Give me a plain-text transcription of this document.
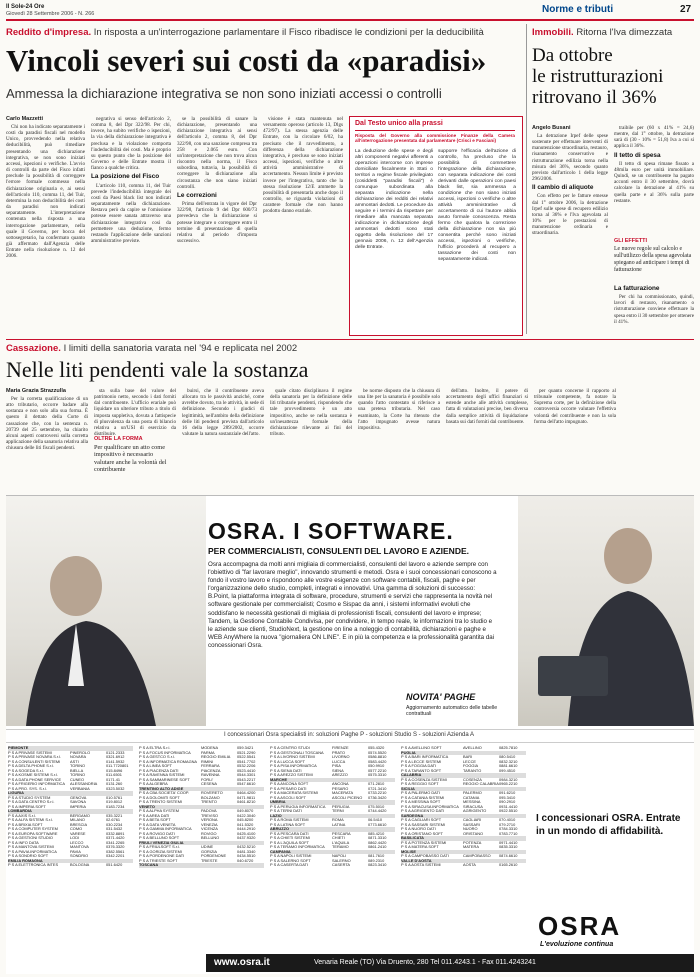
Il Sole-24 Ore
Giovedì 28 Settembre 2006 - N. 266	Norme e tributi	27
Reddito d'impresa. In risposta a un'interrogazione parlamentare il Fisco ribadisce le condizioni per la deducibilità
Vincoli severi sui costi da «paradisi»
Ammessa la dichiarazione integrativa se non sono iniziati accessi o controlli
Carlo Mazzetti

Chi non ha indicato separatamente i costi da paradisi fiscali nel modello Unico, provvedendo nella relativa deducibilità, può rimediare presentando una dichiarazione integrativa, se non sono iniziati accessi, ispezioni o verifiche. L'avvio di controlli da parte del Fisco infatti preclude la possibilità di correggere l'errore formale commesso nella dichiarazione originaria e, ai sensi dell'articolo 110, comma 11, del Tuir, determina la non deducibilità dei costi da paradisi non indicati separatamente. L'interpretazione contenuta nella risposta a una interrogazione parlamentare, nella quale il Governo, per bocca del sottosegretario, ha confermato quanto già affermato dall'Agenzia delle Entrate nella risoluzione n. 12 del 2006.

negrativa si senso dell'articolo 2, comma 8, del Dpr 322/98. Per chi, invece, ha subito verifiche o ispezioni, la via della dichiarazione integrativa è preclusa e la violazione comporta l'indeducibilità dei costi. Ma è proprio su questo punto che la posizione del Governo e delle Entrate mostra il fianco a qualche critica.

La posizione del Fisco

L'articolo 110, comma 11, del Tuir prevede l'indeducibilità integrale dei costi da Paesi black list non indicati separatamente nella dichiarazione. Restava però da capire se l'omissione potesse essere sanata attraverso una dichiarazione integrativa così da permettere una deduzione, fermo restando l'applicazione delle sanzioni amministrative previste.

se la possibilità di sanare la dichiarazione, presentando una dichiarazione integrativa ai sensi dell'articolo 2, comma 8, del Dpr 322/98, con una sanzione compresa tra 258 e 2.065 euro. Con un'interpretazione che non trova alcun riscontro nella norma, il Fisco subordina, tuttavia, la possibilità di correggere la dichiarazione alla circostanza che non siano iniziati controlli.

Le correzioni

Prima dell'entrata in vigore del Dpr 322/98, l'articolo 9 del Dpr 600/73 prevedeva che la dichiarazione si potesse integrare o correggere entro il termine di presentazione di quella relativa al periodo d'imposta successivo.

visione è stata mantenuta nel versamento operoso (articolo 13, Dlgs 472/97). La stessa agenzia delle Entrate, con la circolare 6/02, ha precisato che il ravvedimento, a differenza della dichiarazione integrativa, è precluso se sono iniziati accessi, ispezioni, verifiche o altre attività amministrative di accertamento. Nessun limite è previsto invece per l'integrativa, tanto che la stessa risoluzione 12/E ammette la possibilità di presentarla anche dopo il controllo, se riguarda violazioni di carattere formale che non hanno prodotto danno erariale.

Dal Testo unico alla prassi
Risposta del Governo alla commissione Finanze della Camera all'interrogazione presentata dal parlamentare (Criscì e Fasciani)
La deduzione delle spese e degli altri componenti negativi afferenti a operazioni intercorse con imprese domiciliate fiscalmente in Stati o territori a regime fiscale privilegiato (cosiddetti "paradisi fiscali") è comunque subordinata alla separata indicazione nella dichiarazione dei redditi dei relativi ammontari dedotti. Le procedure da seguire e i termini da rispettare per rimediare alla mancata separata indicazione in dichiarazione degli ammontari dedotti sono stati oggetto della risoluzione del 17 gennaio 2006, n. 12 dell'Agenzia delle Entrate.
supporre l'efficacia dell'azione di controllo, ha precluso che la possibilità di commettere l'integrazione della dichiarazione, con separata indicazione dei costi derivanti dalle operazioni con paesi black list, sia ammessa a condizione che non siano iniziati accessi, ispezioni o verifiche o altre attività amministrative di accertamento di cui l'autore abbia avuto formale conoscenza. Resta fermo che qualora la correzione della dichiarazione non sia più consentita perché sono iniziati accessi, ispezioni o verifiche, l'ufficio procederà al recupero a tassazione dei costi non separatamente indicati.
Immobili. Ritorna l'Iva dimezzata
Da ottobre
le ristrutturazioni
ritrovano il 36%
Angelo Busani

La detrazione Irpef delle spese sostenute per effettuare interventi di manutenzione straordinaria, restauro, risanamento conservativo e ristrutturazione edilizia torna nella misura del 36%, secondo quanto previsto dall'articolo 1 della legge 296/2006.

Il cambio di aliquote

Con effetto per le fatture emesse dal 1° ottobre 2006, la detrazione Irpef sulle spese di recupero edilizio torna al 36% e l'Iva agevolata al 10% per le prestazioni di manutenzione ordinaria e straordinaria.

traibile per (60 x 41% = 24,6) mentre, dal 1° ottobre, la detrazione sarà di (30 - 10% = 51,8) Iva a cui si applica il 36%.

Il tetto di spesa

Il tetto di spesa rimane fissato a 48mila euro per unità immobiliare. Quindi, se un contribuente ha pagato acconti entro il 30 settembre, dovrà calcolare la detrazione al 41% su quella parte e al 36% sulla parte restante.

GLI EFFETTI
Le nuove regole sul calcolo e sull'utilizzo della spesa agevolata spiegano ad anticipare i tempi di fatturazione
La fatturazione

Per chi ha commissionato, quindi, lavori di restauro, risanamento o ristrutturazione conviene effettuare la spesa entro il 30 settembre per ottenere il 41%.

Cassazione. I limiti della sanatoria varata nel '94 e replicata nel 2002
Nelle liti pendenti vale la sostanza
Maria Grazia Strazzulla

Per la corretta qualificazione di un atto tributario, occorre badare alla sostanza e non solo alla sua forma. È questo il dettato della Corte di cassazione che, con la sentenza n. 20739 del 25 settembre, ha chiarito alcuni aspetti controversi sulla corretta applicazione della sanatoria relativa alla chiusura delle liti fiscali pendenti.

sta sulla base del valore del patrimonio netto, secondo i dati forniti dal contribuente. L'ufficio erariale può liquidare un ulteriore tributo a titolo di imposta suppletiva, dovuta a fattispecie di plusvalenza da una posta di bilancio relativa a un'USI di esercizio da distribuire.

OLTRE LA FORMA
Per qualificare un atto come impositivo è necessario valutare anche la volontà del contribuente

buirsi, che il contribuente aveva allocato tra le passività anziché, come avrebbe dovuto, tra le attività, in sede di definizione. Secondo i giudici di legittimità, nell'ambito della definizione delle liti pendenti prevista dall'articolo 16 della legge 289/2002, occorre valutare la natura sostanziale dell'atto.

quale citato disciplinava il regime della sanatoria per la definizione delle liti tributarie pendenti, rispondendo che tale provvedimento è un atto impositivo, anche se nella sostanza è un'inesattezza formale della dichiarazione rilevante ai fini del tributo.

be norme disposto che la chiusura di una lite per la sanatoria è possibile solo quando l'atto contestato si riferisce a una pretesa tributaria. Nel caso esaminato, la Corte ha ritenuto che l'atto impugnato avesse natura impositiva.

dell'atto. Inoltre, il potere di accertamento degli uffici finanziari si estende anche alle attività complesse, fatta di valutazioni precise, ben diversa dalla semplice attività di liquidazione basata sui dati forniti dal contribuente.

per quanto concerne il rapporto al tribunale competente, fa notare la Suprema corte, per la definizione della controversia occorre valutare l'effettiva volontà del contribuente e non la sola forma dell'atto impugnato.

OSRA. I SOFTWARE.
PER COMMERCIALISTI, CONSULENTI DEL LAVORO E AZIENDE.
Osra accompagna da molti anni migliaia di commercialisti, consulenti del lavoro e aziende sempre con l'obiettivo di "far lavorare meglio", innovando strumenti e metodi. Osra e i suoi concessionari conoscono a fondo il vostro lavoro e rispondono alle vostre esigenze con software contabili, fiscali, paghe e per l'organizzazione dello studio, completi, integrati e innovativi. Una gamma di soluzioni di successo: B.Point, la piattaforma integrata di software, procedure, strumenti e servizi che rappresenta la novità nel software gestionale per commercialisti; Cosmo e Sispac da anni, i sistemi informativi evoluti che soddisfano le necessità gestionali di migliaia di professionisti fiscali, consulenti del lavoro e imprese; Tandem, la Gestione Contabile Condivisa, per condividere, in tempo reale, le informazioni tra lo studio e le aziende sue clienti, StudioNext, la gestione on line a noleggio di contabilità, dichiarazioni e paghe e WEB AnyWhere la nuova "giornaliera ON LINE". E in più la competenza e la professionalità garantita dai concessionari Osra.
NOVITA' PAGHE
Aggiornamento automatico delle tabelle contrattuali
I concessionari Osra specialisti in: soluzioni Paghe P - soluzioni Studio S - soluzioni Azienda A
PIEMONTE
P S A PRIVASE SISTEMI	PINEROLO	0121.2333
P S A PRIVASE NOVARA S.r.l.	NOVARA	0321.6912
P S A CONSULENTI SISTEMI	ASTI	0141.5932
P S A DELTA PHONE S.r.l.	TORINO	011.7720801
P S A SOGEDA S.r.l.	BIELLA	015.8496
P S A KOSME SISTEMI S.r.l.	TORINO	011.6501
P S A DATA PHONE SERVICE	CUNEO	0171.41
P S A FRIGERIO INFORMATICA	ALESSANDRIA	0131.260
P S A PRO. SYS. S.r.l.	VERBANIA	0323.5032
LIGURIA
P S A STUDIO SYSTEM	GENOVA	010.5761
P S A DATA CENTRO S.r.l.	SAVONA	019.8012
P S A IMPERIA SOFT	IMPERIA	0183.7234
LOMBARDIA
P S A AXIS S.r.l.	BERGAMO	035.3221
P S A ALFA SISTEMI S.r.l.	MILANO	02.6761
P S A BRIXIA SOFT	BRESCIA	030.2234
P S A COMPUTER SYSTEM	COMO	031.5432
P S A EUROPA SOFTWARE	VARESE	0332.8891
P S A GESTIONI STUDIO	LODI	0371.4420
P S A INFO DATA	LECCO	0341.2265
P S A MANTOVA SISTEMI	MANTOVA	0376.3320
P S A PAVIA INFORMATICA	PAVIA	0382.5561
P S A SONDRIO SOFT	SONDRIO	0342.2201
EMILIA ROMAGNA
P S A ELETTRONICA INTES	BOLOGNA	051.6420
P S A ELTRA S.r.l.	MODENA	059.3421
P S A FOCUS INFORMATICA	PARMA	0521.2290
P S A GESTCO S.r.l.	REGGIO EMILIA	0522.5541
P S A INFORMATICA ROMAGNA	RIMINI	0541.7702
P S A LINEA SOFT	FERRARA	0532.2206
P S A PIACENZA DATI	PIACENZA	0523.4410
P S A RAVENNA SISTEMI	RAVENNA	0544.3301
P S A SAMMARINESE SOFT	FORLI'	0543.2217
P S A ALGEBRA	CESENA	0547.6610
TRENTINO ALTO ADIGE
P S A CBA SOCIETA' COOP.	ROVERETO	0464.4200
P S A DOLOMITI SOFT	BOLZANO	0471.9811
P S A TRENTO SISTEMI	TRENTO	0461.8210
VENETO
P S A ALPHA SYSTEM	PADOVA	049.8070
P S A AREA DATI	TREVISO	0422.3040
P S A BETA SOFT	VERONA	045.8200
P S A DATA VENETA	VENEZIA	041.5320
P S A GAMMA INFORMATICA	VICENZA	0444.2910
P S A ROVIGO DATI	ROVIGO	0425.4100
P S A BELLUNO SOFT	BELLUNO	0437.9320
FRIULI VENEZIA GIULIA
P S A FRIULSOFT S.r.l.	UDINE	0432.5210
P S A GORIZIA SISTEMI	GORIZIA	0481.3340
P S A PORDENONE DATI	PORDENONE	0434.5510
P S A TRIESTE SOFT	TRIESTE	040.6720
TOSCANA
P S A CENTRO STUDI	FIRENZE	055.4320
P S A GESTIONALI TOSCANA	PRATO	0574.5520
P S A LIVORNO SISTEMI	LIVORNO	0586.8810
P S A LUCCA SOFT	LUCCA	0583.4420
P S A PISA INFORMATICA	PISA	050.9910
P S A SIENA DATI	SIENA	0577.2210
P S A AREZZO SISTEMI	AREZZO	0575.3310
MARCHE
P S A ANCONA SOFT	ANCONA	071.2810
P S A PESARO DATI	PESARO	0721.3410
P S A MACERATA SISTEMI	MACERATA	0733.2210
P S A ASCOLI SOFT	ASCOLI PICENO	0736.3420
UMBRIA
P S A PERUGIA INFORMATICA	PERUGIA	075.5010
P S A TERNI DATI	TERNI	0744.4420
LAZIO
P S A ROMA SISTEMI	ROMA	06.5410
P S A LATINA SOFT	LATINA	0773.6610
ABRUZZO
P S A PESCARA DATI	PESCARA	085.4210
P S A CHIETI SISTEMI	CHIETI	0871.3310
P S A L'AQUILA SOFT	L'AQUILA	0862.4420
P S A TERAMO INFORMATICA	TERAMO	0861.2410
CAMPANIA
P S A NAPOLI SISTEMI	NAPOLI	081.7610
P S A SALERNO SOFT	SALERNO	089.2310
P S A CASERTA DATI	CASERTA	0823.3410
P S A AVELLINO SOFT	AVELLINO	0825.7810
PUGLIA
P S A BARI INFORMATICA	BARI	080.5410
P S A LECCE SISTEMI	LECCE	0832.3210
P S A FOGGIA DATI	FOGGIA	0881.6610
P S A TARANTO SOFT	TARANTO	099.4510
CALABRIA
P S A COSENZA SISTEMI	COSENZA	0984.3210
P S A REGGIO SOFT	REGGIO CALABRIA 0965.2210
SICILIA
P S A PALERMO DATI	PALERMO	091.6210
P S A CATANIA SISTEMI	CATANIA	095.3410
P S A MESSINA SOFT	MESSINA	090.2910
P S A SIRACUSA INFORMATICA	SIRACUSA	0931.4410
P S A AGRIGENTO DATI	AGRIGENTO	0922.5510
SARDEGNA
P S A CAGLIARI SOFT	CAGLIARI	070.4010
P S A SASSARI SISTEMI	SASSARI	079.2710
P S A NUORO DATI	NUORO	0784.3310
P S A ORISTANO SOFT	ORISTANO	0783.7710
BASILICATA
P S A POTENZA SISTEMI	POTENZA	0971.4410
P S A MATERA SOFT	MATERA	0835.3310
MOLISE
P S A CAMPOBASSO DATI	CAMPOBASSO	0874.6610
VALLE D'AOSTA
P S A AOSTA SISTEMI	AOSTA	0165.2610
I concessionari OSRA. Entrate in un mondo di affidabilità.
OSRA
L'evoluzione continua
www.osra.it	Venaria Reale (TO) Via Druento, 280 Tel 011.4243.1 - Fax 011.4243241
